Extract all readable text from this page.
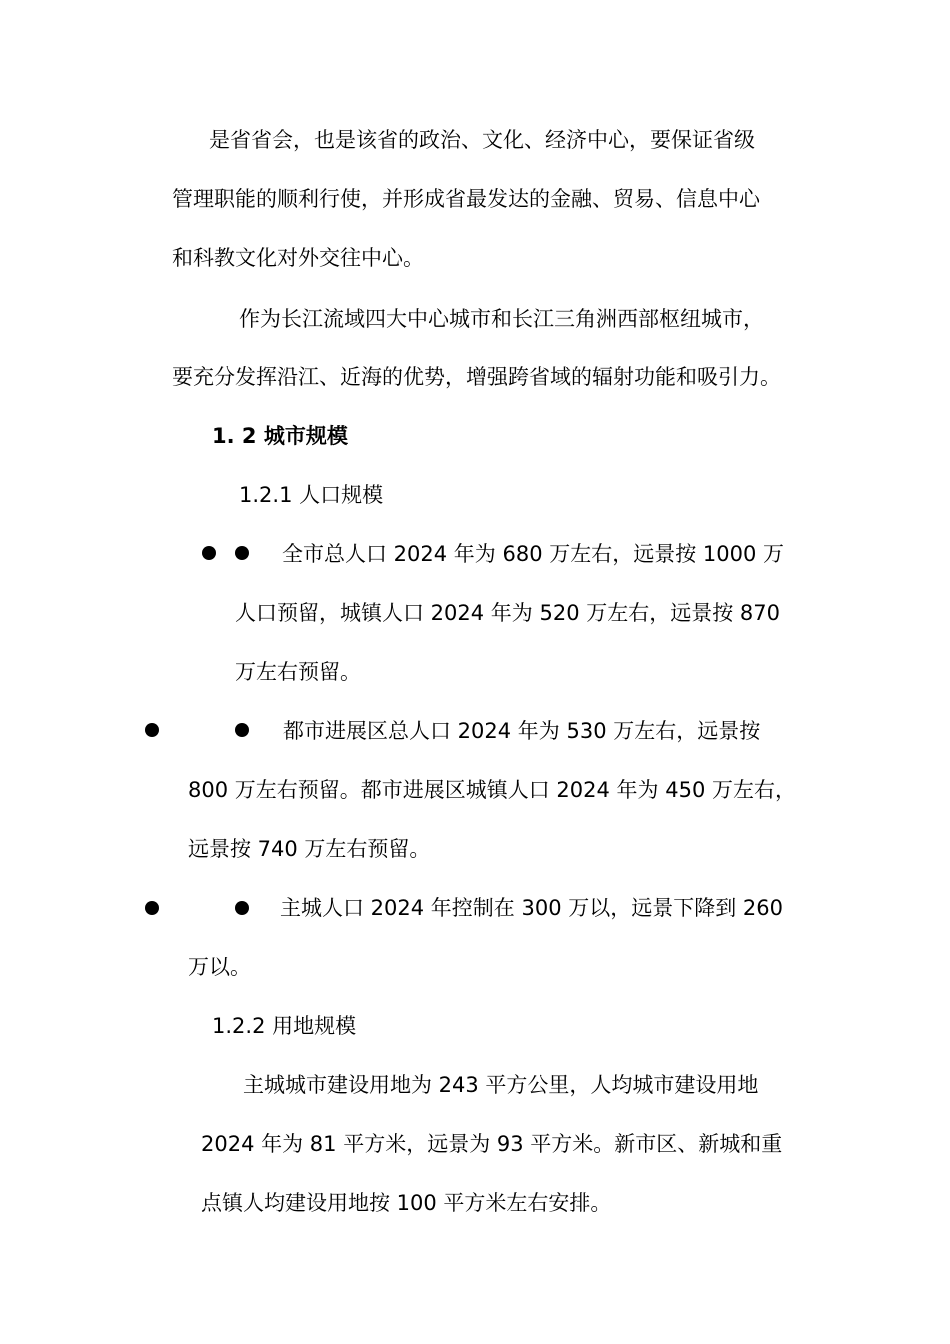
是省省会，也是该省的政治、文化、经济中心，要保证省级
管理职能的顺利行使，并形成省最发达的金融、贸易、信息中心
和科教文化对外交往中心。
作为长江流域四大中心城市和长江三角洲西部枢纽城市，
要充分发挥沿江、近海的优势，增强跨省域的辐射功能和吸引力。
1. 2 城市规模
1.2.1 人口规模
全市总人口 2024 年为 680 万左右，远景按 1000 万
人口预留，城镇人口 2024 年为 520 万左右，远景按 870
万左右预留。
都市进展区总人口 2024 年为 530 万左右，远景按
800 万左右预留。都市进展区城镇人口 2024 年为 450 万左右，
远景按 740 万左右预留。
主城人口 2024 年控制在 300 万以，远景下降到 260
万以。
1.2.2 用地规模
主城城市建设用地为 243 平方公里，人均城市建设用地
2024 年为 81 平方米，远景为 93 平方米。新市区、新城和重
点镇人均建设用地按 100 平方米左右安排。
